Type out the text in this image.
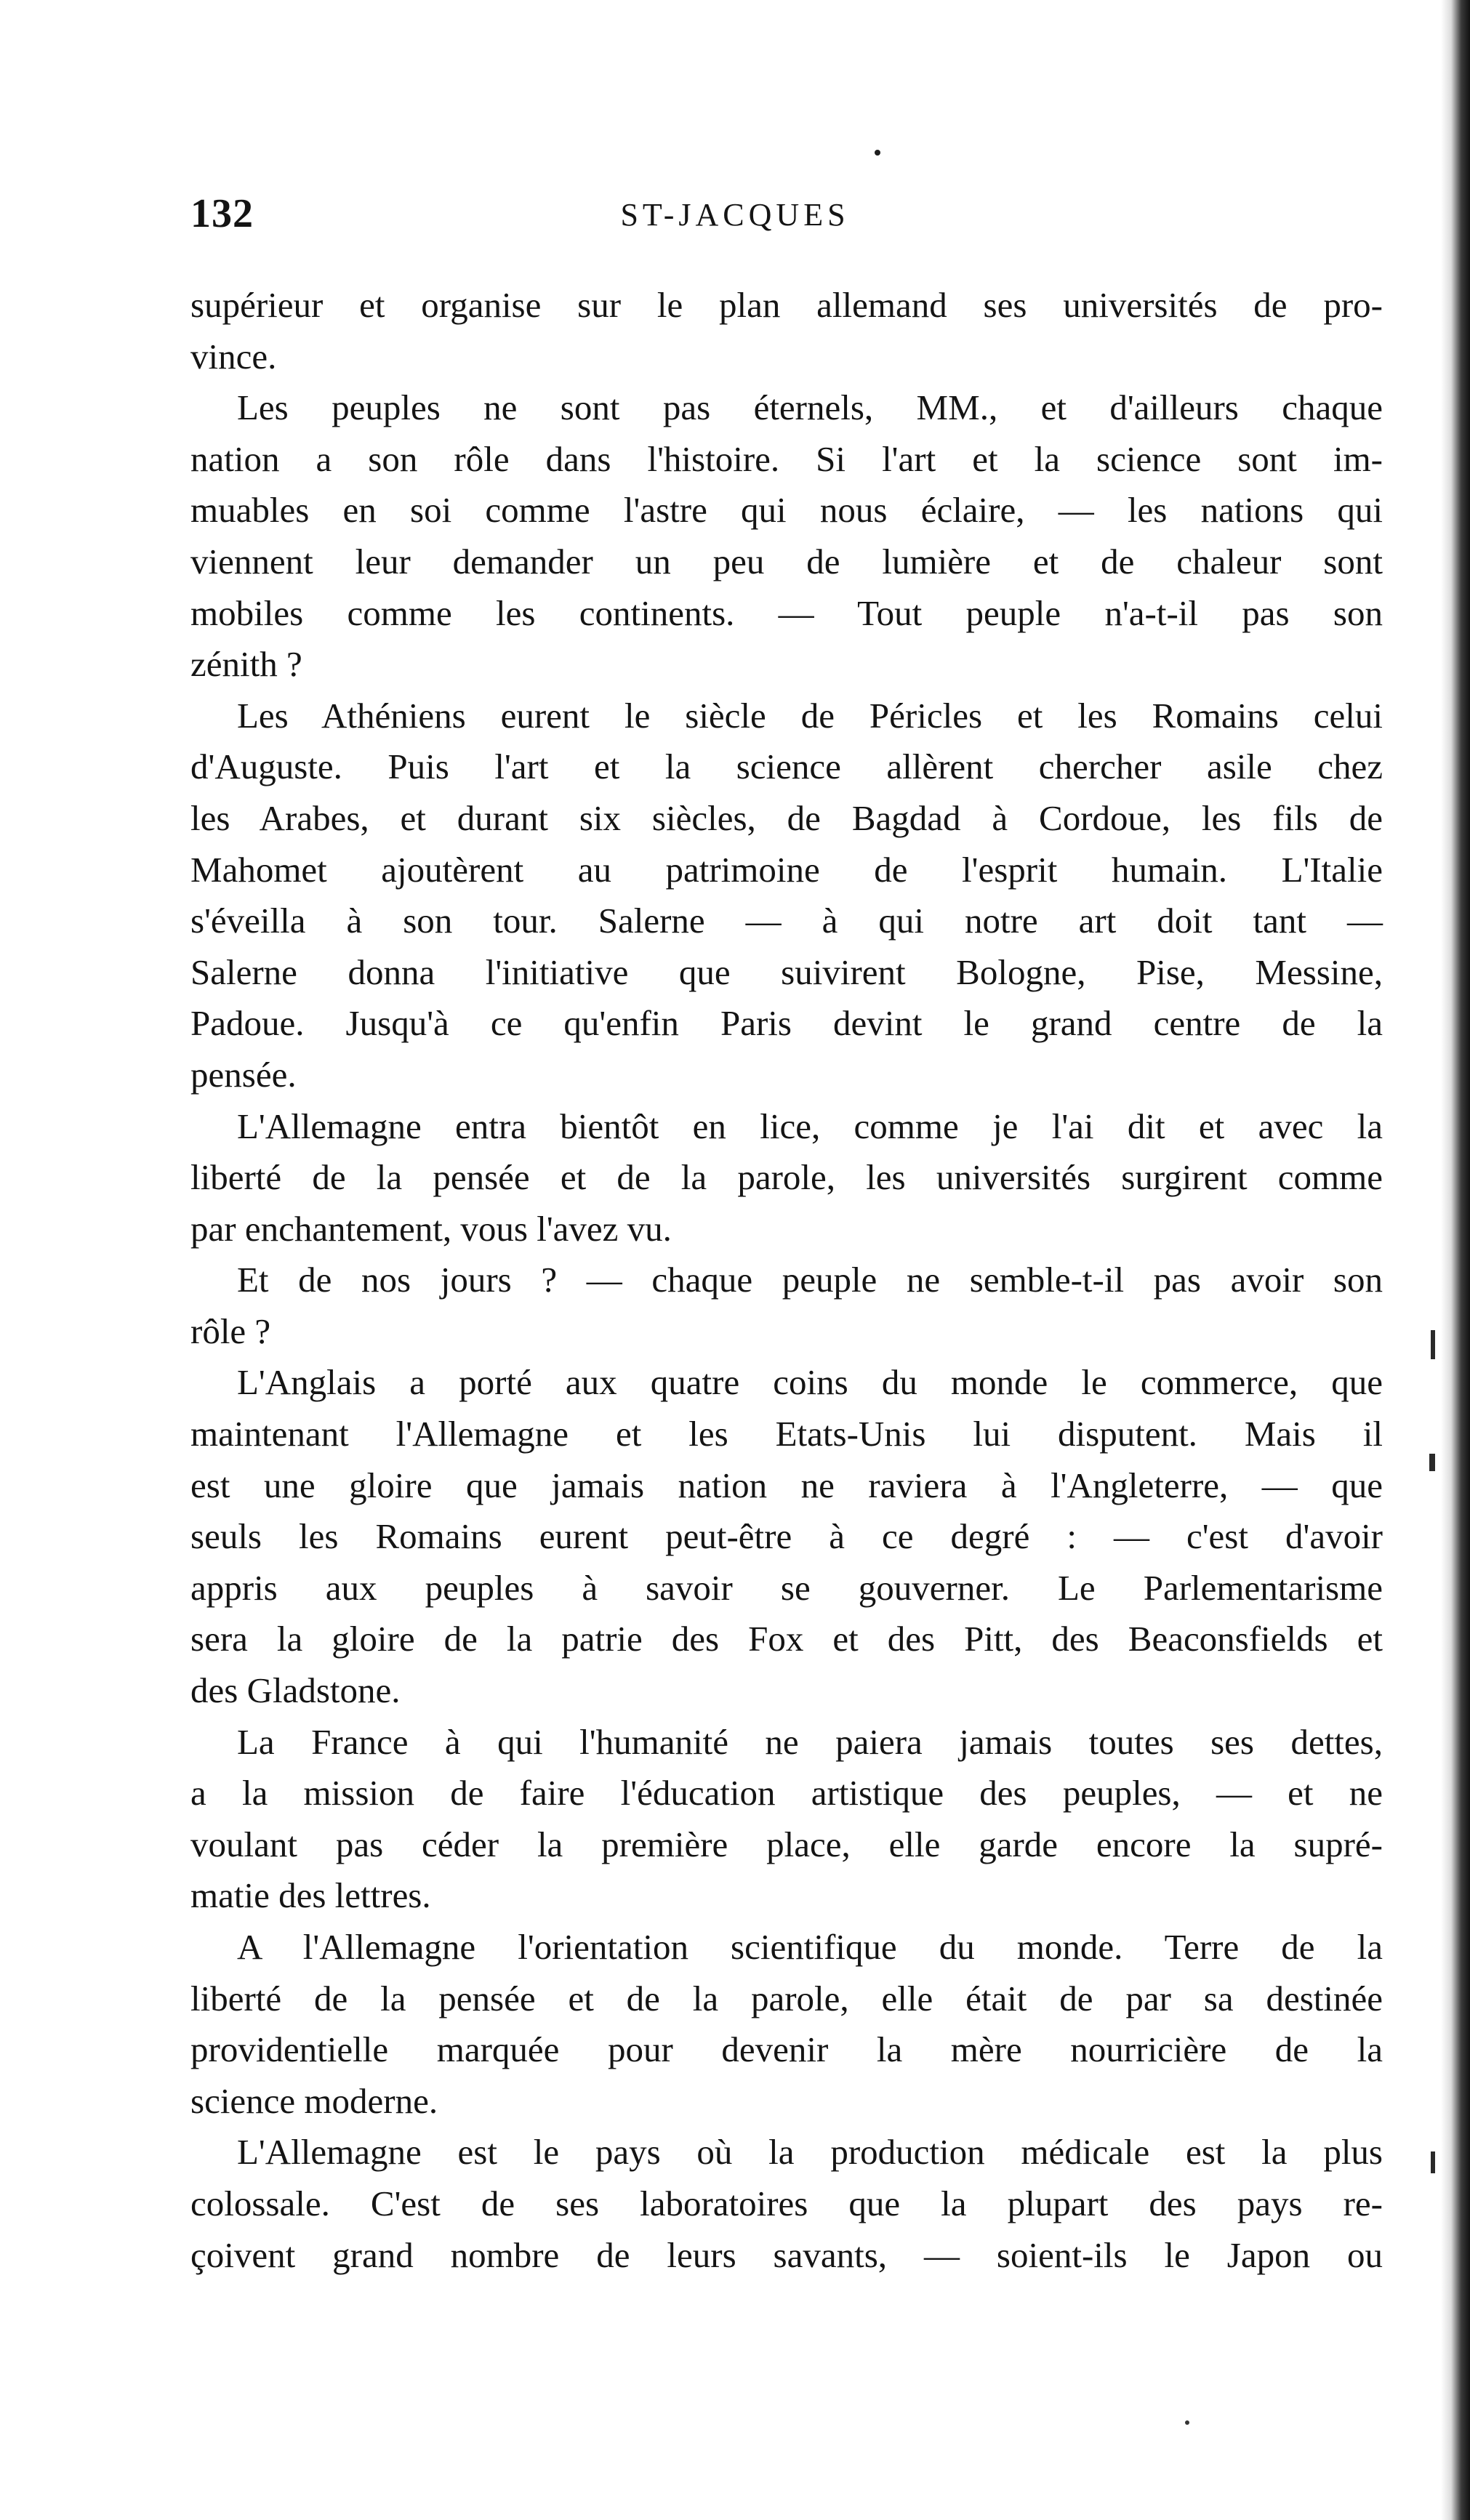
132	ST-JACQUES
supérieur et organise sur le plan allemand ses universités de pro-
vince.
Les peuples ne sont pas éternels, MM., et d'ailleurs chaque
nation a son rôle dans l'histoire. Si l'art et la science sont im-
muables en soi comme l'astre qui nous éclaire, — les nations qui
viennent leur demander un peu de lumière et de chaleur sont
mobiles comme les continents. — Tout peuple n'a-t-il pas son
zénith ?
Les Athéniens eurent le siècle de Péricles et les Romains celui
d'Auguste. Puis l'art et la science allèrent chercher asile chez
les Arabes, et durant six siècles, de Bagdad à Cordoue, les fils de
Mahomet ajoutèrent au patrimoine de l'esprit humain. L'Italie
s'éveilla à son tour. Salerne — à qui notre art doit tant —
Salerne donna l'initiative que suivirent Bologne, Pise, Messine,
Padoue. Jusqu'à ce qu'enfin Paris devint le grand centre de la
pensée.
L'Allemagne entra bientôt en lice, comme je l'ai dit et avec la
liberté de la pensée et de la parole, les universités surgirent comme
par enchantement, vous l'avez vu.
Et de nos jours ? — chaque peuple ne semble-t-il pas avoir son
rôle ?
L'Anglais a porté aux quatre coins du monde le commerce, que
maintenant l'Allemagne et les Etats-Unis lui disputent. Mais il
est une gloire que jamais nation ne raviera à l'Angleterre, — que
seuls les Romains eurent peut-être à ce degré : — c'est d'avoir
appris aux peuples à savoir se gouverner. Le Parlementarisme
sera la gloire de la patrie des Fox et des Pitt, des Beaconsfields et
des Gladstone.
La France à qui l'humanité ne paiera jamais toutes ses dettes,
a la mission de faire l'éducation artistique des peuples, — et ne
voulant pas céder la première place, elle garde encore la supré-
matie des lettres.
A l'Allemagne l'orientation scientifique du monde. Terre de la
liberté de la pensée et de la parole, elle était de par sa destinée
providentielle marquée pour devenir la mère nourricière de la
science moderne.
L'Allemagne est le pays où la production médicale est la plus
colossale. C'est de ses laboratoires que la plupart des pays re-
çoivent grand nombre de leurs savants, — soient-ils le Japon ou
